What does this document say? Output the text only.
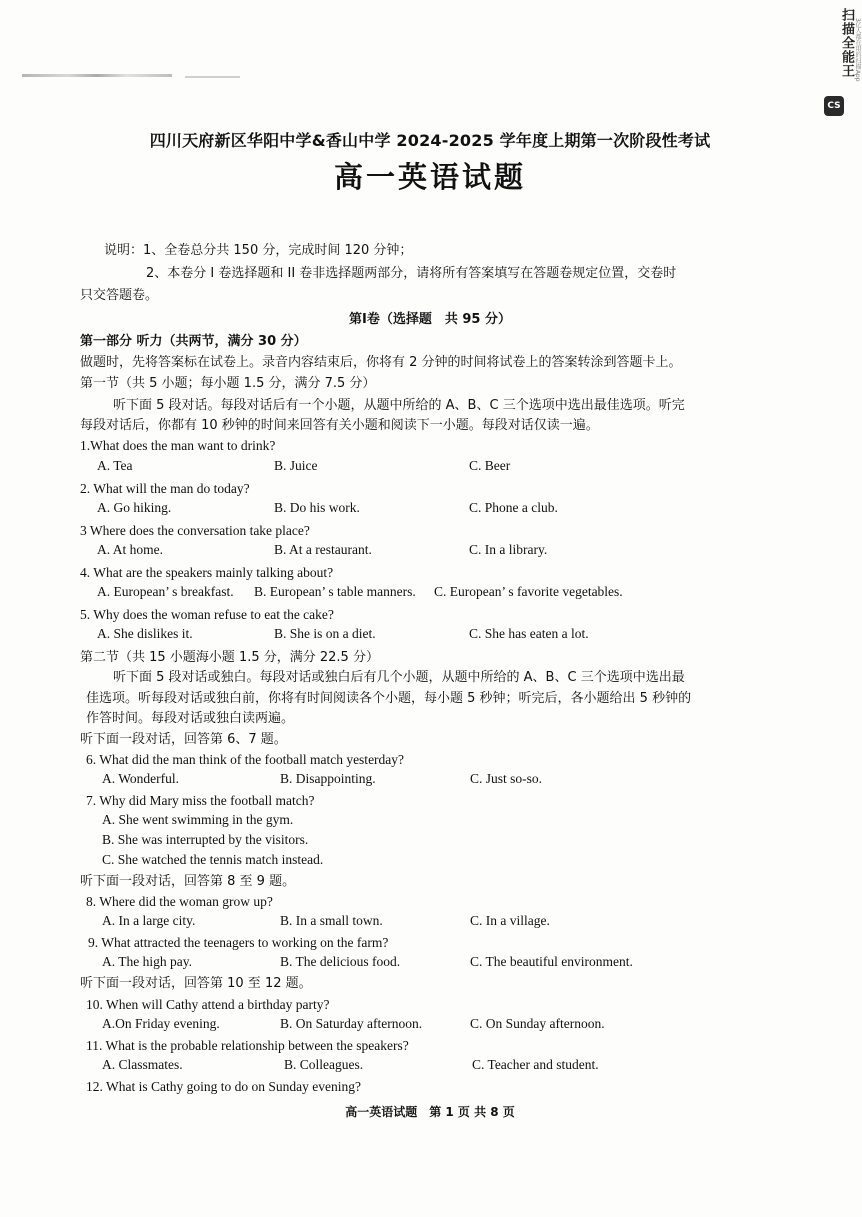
扫描全能王 3亿人都在用的扫描App
CS
四川天府新区华阳中学&香山中学 2024-2025 学年度上期第一次阶段性考试
高一英语试题
说明：1、全卷总分共 150 分，完成时间 120 分钟；
2、本卷分 I 卷选择题和 II 卷非选择题两部分，请将所有答案填写在答题卷规定位置，交卷时
只交答题卷。
第Ⅰ卷（选择题　共 95 分）
第一部分 听力（共两节，满分 30 分）
做题时，先将答案标在试卷上。录音内容结束后，你将有 2 分钟的时间将试卷上的答案转涂到答题卡上。
第一节（共 5 小题；每小题 1.5 分，满分 7.5 分）
听下面 5 段对话。每段对话后有一个小题，从题中所给的 A、B、C 三个选项中选出最佳选项。听完
每段对话后，你都有 10 秒钟的时间来回答有关小题和阅读下一小题。每段对话仅读一遍。
1.What does the man want to drink?
A. Tea	B. Juice	C. Beer
2. What will the man do today?
A. Go hiking.	B. Do his work.	C. Phone a club.
3 Where does the conversation take place?
A. At home.	B. At a restaurant.	C. In a library.
4. What are the speakers mainly talking about?
A. European’ s breakfast. B. European’ s table manners. C. European’ s favorite vegetables.
5. Why does the woman refuse to eat the cake?
A. She dislikes it.	B. She is on a diet.	C. She has eaten a lot.
第二节（共 15 小题海小题 1.5 分，满分 22.5 分）
听下面 5 段对话或独白。每段对话或独白后有几个小题，从题中所给的 A、B、C 三个选项中选出最
佳选项。听每段对话或独白前，你将有时间阅读各个小题，每小题 5 秒钟；听完后，各小题给出 5 秒钟的
作答时间。每段对话或独白读两遍。
听下面一段对话，回答第 6、7 题。
6. What did the man think of the football match yesterday?
A. Wonderful.	B. Disappointing.	C. Just so-so.
7. Why did Mary miss the football match?
A. She went swimming in the gym.
B. She was interrupted by the visitors.
C. She watched the tennis match instead.
听下面一段对话，回答第 8 至 9 题。
8. Where did the woman grow up?
A. In a large city.	B. In a small town.	C. In a village.
9. What attracted the teenagers to working on the farm?
A. The high pay.	B. The delicious food.	C. The beautiful environment.
听下面一段对话，回答第 10 至 12 题。
10. When will Cathy attend a birthday party?
A.On Friday evening.	B. On Saturday afternoon.	C. On Sunday afternoon.
11. What is the probable relationship between the speakers?
A. Classmates.	B. Colleagues.	C. Teacher and student.
12. What is Cathy going to do on Sunday evening?
高一英语试题　第 1 页 共 8 页
